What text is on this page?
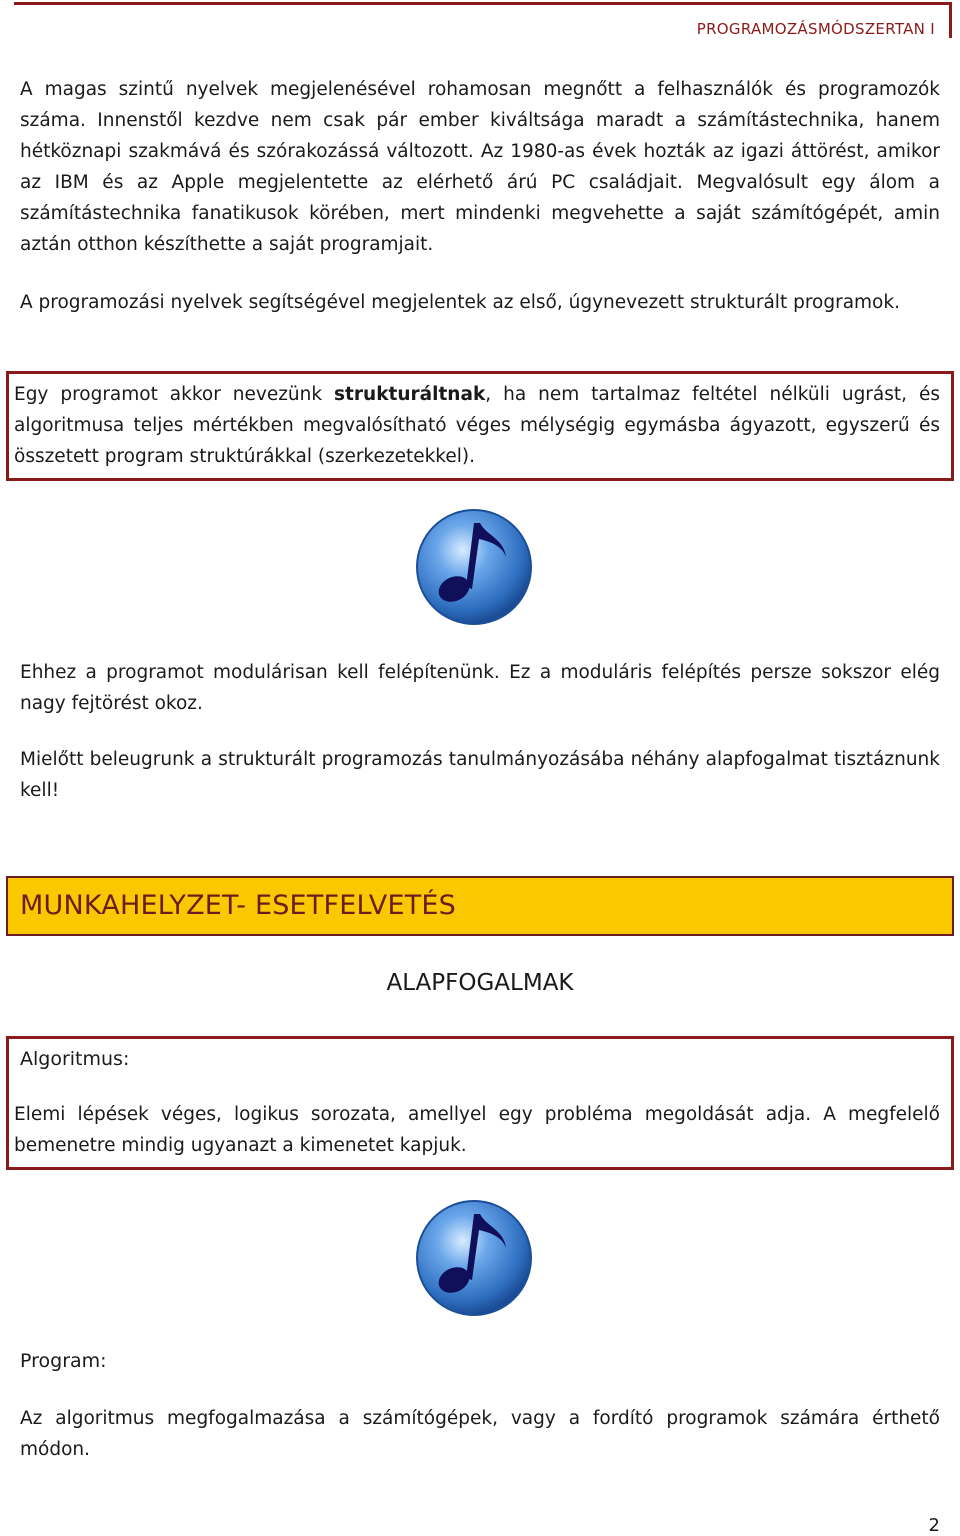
PROGRAMOZÁSMÓDSZERTAN I

A magas szintű nyelvek megjelenésével rohamosan megnőtt a felhasználók és programozók száma. Innenstől kezdve nem csak pár ember kiváltsága maradt a számítástechnika, hanem hétköznapi szakmává és szórakozássá változott. Az 1980-as évek hozták az igazi áttörést, amikor az IBM és az Apple megjelentette az elérhető árú PC családjait. Megvalósult egy álom a számítástechnika fanatikusok körében, mert mindenki megvehette a saját számítógépét, amin aztán otthon készíthette a saját programjait.

A programozási nyelvek segítségével megjelentek az első, úgynevezett strukturált programok.

Egy programot akkor nevezünk strukturáltnak, ha nem tartalmaz feltétel nélküli ugrást, és algoritmusa teljes mértékben megvalósítható véges mélységig egymásba ágyazott, egyszerű és összetett program struktúrákkal (szerkezetekkel).

Ehhez a programot modulárisan kell felépítenünk. Ez a moduláris felépítés persze sokszor elég nagy fejtörést okoz.

Mielőtt beleugrunk a strukturált programozás tanulmányozásába néhány alapfogalmat tisztáznunk kell!

MUNKAHELYZET- ESETFELVETÉS
ALAPFOGALMAK
Algoritmus:

Elemi lépések véges, logikus sorozata, amellyel egy probléma megoldását adja. A megfelelő bemenetre mindig ugyanazt a kimenetet kapjuk.

Program:

Az algoritmus megfogalmazása a számítógépek, vagy a fordító programok számára érthető módon.

2
